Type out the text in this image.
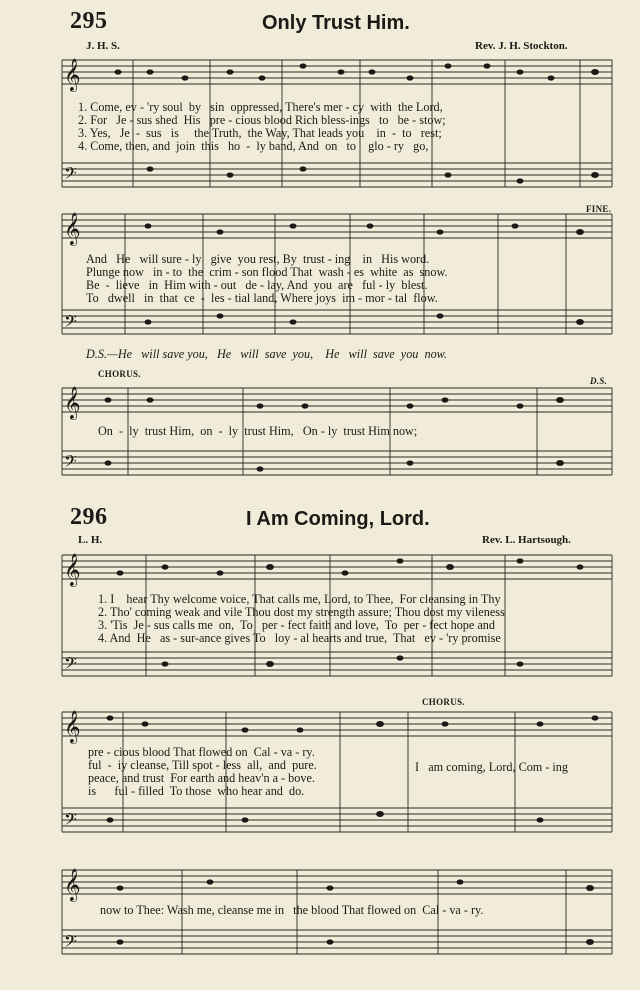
295	Only Trust Him.
J. H. S.	Rev. J. H. Stockton.
𝄞
𝄢
𝄞
𝄢
𝄞
𝄢
𝄞
𝄢
𝄞
𝄢
𝄞
𝄢
1. Come, ev - 'ry soul  by   sin  oppressed, There's mer - cy  with  the Lord,
2. For   Je - sus shed  His   pre - cious blood Rich bless-ings   to   be - stow;
3. Yes,   Je  -  sus   is     the Truth,  the Way, That leads you    in  -  to   rest;
4. Come, then, and  join  this   ho  -  ly band, And  on   to    glo - ry   go,
FINE.
And   He   will sure - ly   give  you rest, By  trust - ing    in   His word.
Plunge now   in - to  the  crim - son flood That  wash - es  white  as  snow.
Be  -  lieve   in  Him with - out   de - lay, And  you  are   ful - ly  blest.
To   dwell   in  that  ce  -  les - tial land, Where joys  im - mor - tal  flow.
D.S.—He   will save you,   He   will  save  you,    He   will  save  you  now.
CHORUS.
D.S.
On  -  ly  trust Him,  on  -  ly  trust Him,   On - ly  trust Him now;
296	I Am Coming, Lord.
L. H.	Rev. L. Hartsough.
1. I    hear Thy welcome voice, That calls me, Lord, to Thee,  For cleansing in Thy
2. Tho' coming weak and vile Thou dost my strength assure; Thou dost my vileness
3. 'Tis  Je - sus calls me  on,  To   per - fect faith and love,  To  per - fect hope and
4. And  He   as - sur-ance gives To   loy - al hearts and true,  That   ev - 'ry promise
CHORUS.
pre - cious blood That flowed on  Cal - va - ry.
ful  -  iy cleanse, Till spot - less  all,  and  pure.
peace, and trust  For earth and heav'n a - bove.
is      ful - filled  To those  who hear and  do.
I   am coming, Lord, Com - ing
now to Thee: Wash me, cleanse me in   the blood That flowed on  Cal - va - ry.
